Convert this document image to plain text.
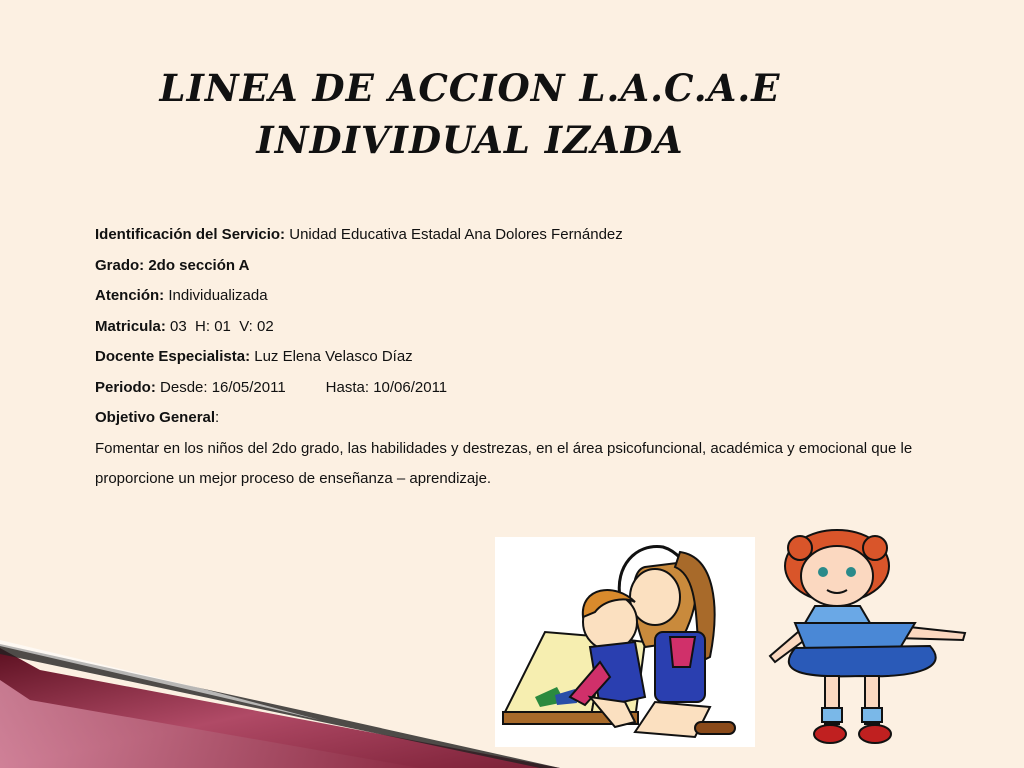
LINEA DE ACCION L.A.C.A.E
INDIVIDUAL IZADA
Identificación del Servicio: Unidad Educativa Estadal Ana Dolores Fernández
Grado: 2do sección A
Atención: Individualizada
Matricula: 03  H: 01  V: 02
Docente Especialista: Luz Elena Velasco Díaz
Periodo: Desde: 16/05/2011	Hasta: 10/06/2011
Objetivo General:
Fomentar en los niños del 2do grado, las habilidades y destrezas, en el área psicofuncional, académica y emocional que le proporcione un mejor proceso de enseñanza – aprendizaje.
